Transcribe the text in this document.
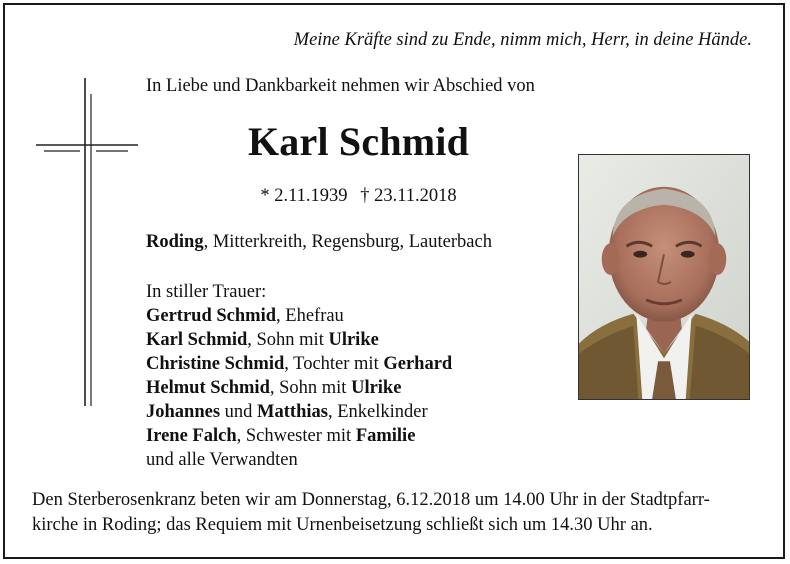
Meine Kräfte sind zu Ende, nimm mich, Herr, in deine Hände.
In Liebe und Dankbarkeit nehmen wir Abschied von
Karl Schmid
* 2.11.1939 † 23.11.2018
Roding, Mitterkreith, Regensburg, Lauterbach
In stiller Trauer:
Gertrud Schmid, Ehefrau
Karl Schmid, Sohn mit Ulrike
Christine Schmid, Tochter mit Gerhard
Helmut Schmid, Sohn mit Ulrike
Johannes und Matthias, Enkelkinder
Irene Falch, Schwester mit Familie
und alle Verwandten
Den Sterberosenkranz beten wir am Donnerstag, 6.12.2018 um 14.00 Uhr in der Stadtpfarr-
kirche in Roding; das Requiem mit Urnenbeisetzung schließt sich um 14.30 Uhr an.
